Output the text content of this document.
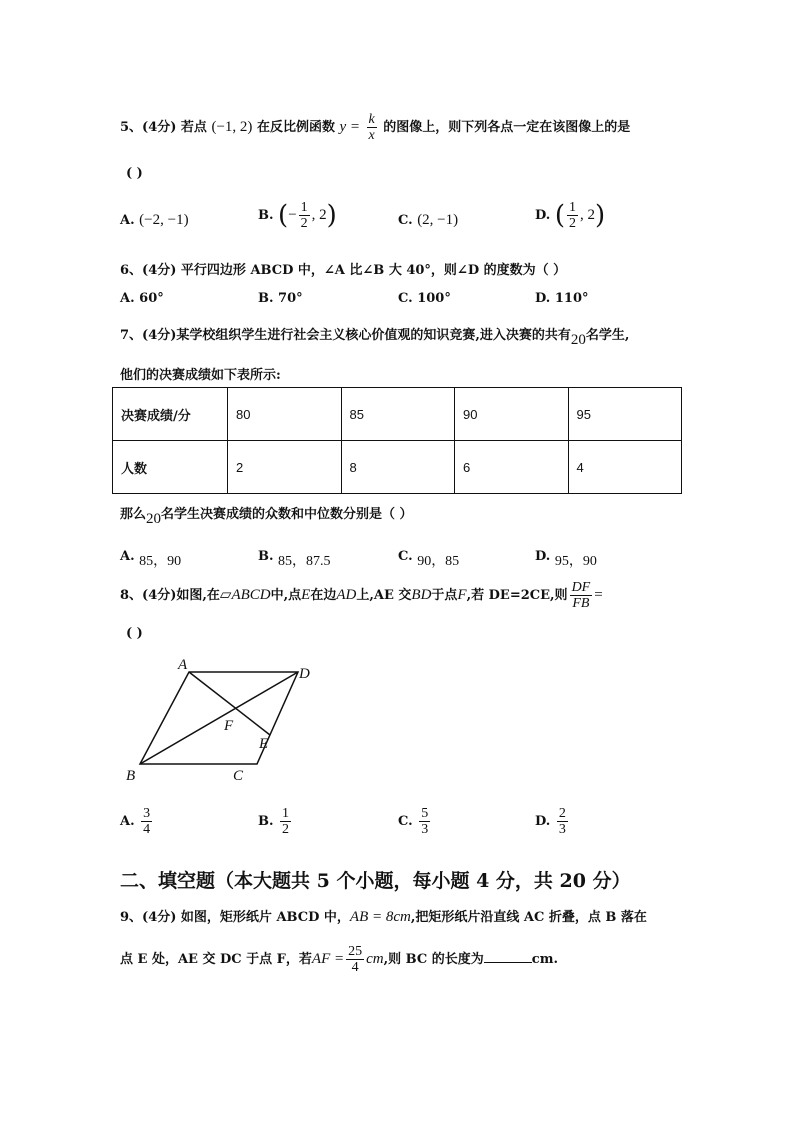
5、(4分) 若点 (−1, 2) 在反比例函数 $y = \frac{k}{x}$ 的图像上，则下列各点一定在该图像上的是
( )
A. (−2, −1)	B. (− $\frac{1}{2}$ , 2)	C. (2, −1)	D. ( $\frac{1}{2}$ , 2)
6、(4分) 平行四边形 ABCD 中，∠A 比∠B 大 40°，则∠D 的度数为（ ）
A. 60°	B. 70°	C. 100°	D. 110°
7、(4分)某学校组织学生进行社会主义核心价值观的知识竞赛,进入决赛的共有20名学生,
他们的决赛成绩如下表所示:
决赛成绩/分	80	85	90	95
人数	2	8	6	4
那么20名学生决赛成绩的众数和中位数分别是（ ）
A. 85，90	B. 85，87.5	C. 90，85	D. 95，90
8、(4分)如图,在▱ABCD中,点E在边AD上,AE 交BD于点F,若 DE=2CE,则 $\frac{DF}{FB}$ =
( )
A
D
F
E
B	C
A. $\frac{3}{4}$	B. $\frac{1}{2}$	C. $\frac{5}{3}$	D. $\frac{2}{3}$
二、填空题（本大题共 5 个小题，每小题 4 分，共 20 分）
9、(4分) 如图，矩形纸片 ABCD 中，AB = 8cm,把矩形纸片沿直线 AC 折叠，点 B 落在
点 E 处，AE 交 DC 于点 F，若AF = $\frac{25}{4}$ cm,则 BC 的长度为	cm.
